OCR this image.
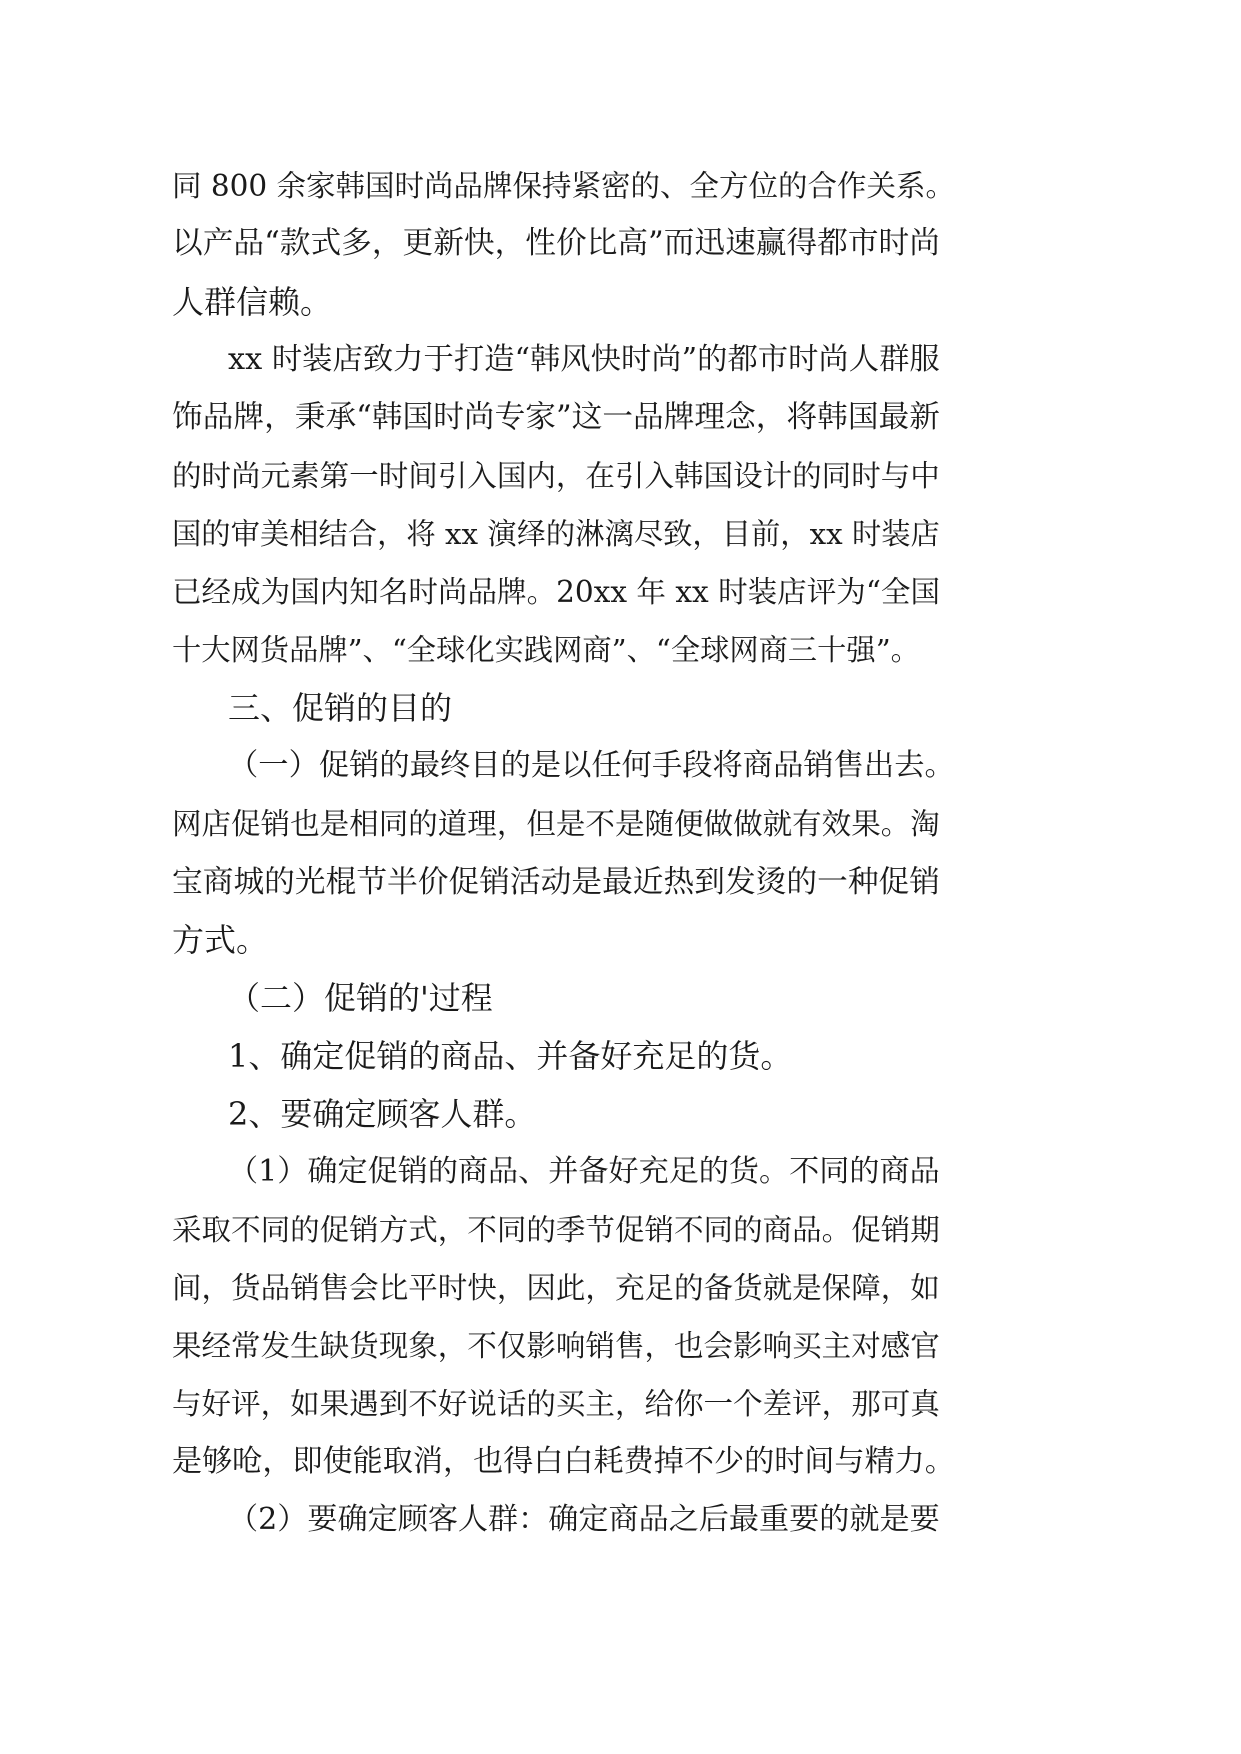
同 800 余家韩国时尚品牌保持紧密的、全方位的合作关系。

以产品“款式多，更新快，性价比高”而迅速赢得都市时尚

人群信赖。

xx 时装店致力于打造“韩风快时尚”的都市时尚人群服

饰品牌，秉承“韩国时尚专家”这一品牌理念，将韩国最新

的时尚元素第一时间引入国内，在引入韩国设计的同时与中

国的审美相结合，将 xx 演绎的淋漓尽致，目前，xx 时装店

已经成为国内知名时尚品牌。20xx 年 xx 时装店评为“全国

十大网货品牌”、“全球化实践网商”、“全球网商三十强”。

三、促销的目的

（一）促销的最终目的是以任何手段将商品销售出去。

网店促销也是相同的道理，但是不是随便做做就有效果。淘

宝商城的光棍节半价促销活动是最近热到发烫的一种促销

方式。

（二）促销的'过程

1、确定促销的商品、并备好充足的货。

2、要确定顾客人群。

（1）确定促销的商品、并备好充足的货。不同的商品

采取不同的促销方式，不同的季节促销不同的商品。促销期

间，货品销售会比平时快，因此，充足的备货就是保障，如

果经常发生缺货现象，不仅影响销售，也会影响买主对感官

与好评，如果遇到不好说话的买主，给你一个差评，那可真

是够呛，即使能取消，也得白白耗费掉不少的时间与精力。

（2）要确定顾客人群：确定商品之后最重要的就是要
